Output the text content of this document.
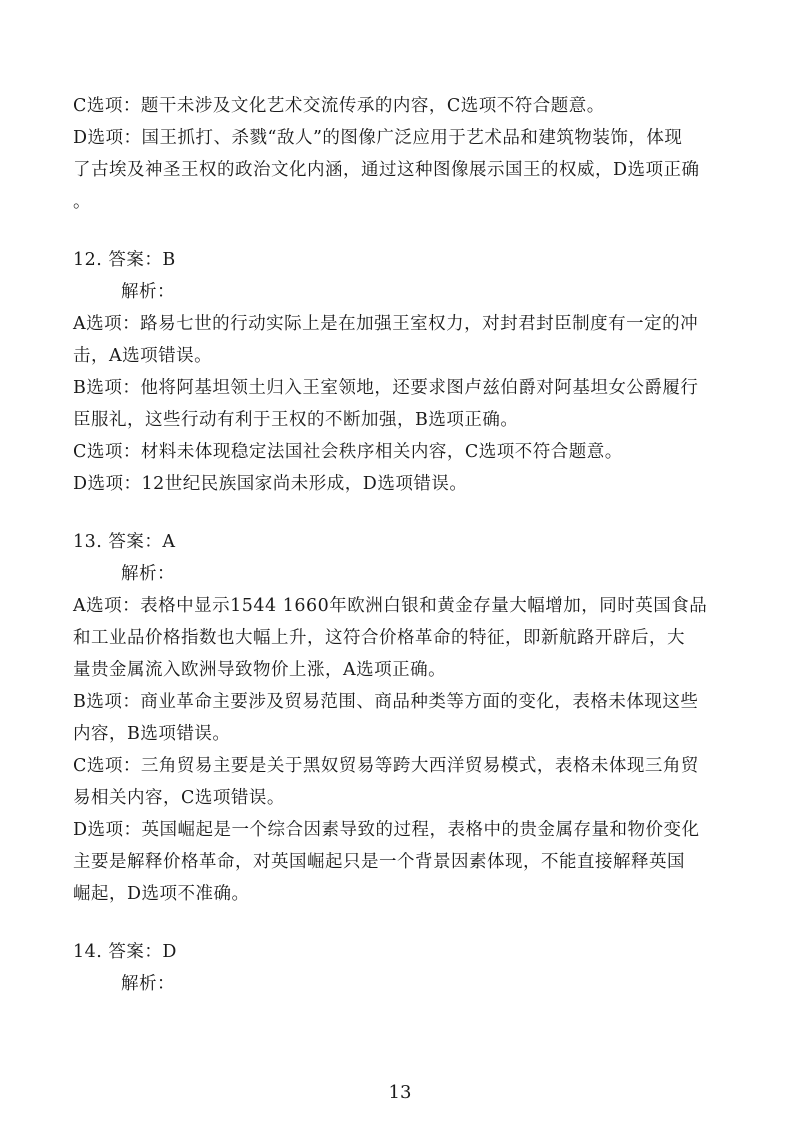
C选项：题干未涉及文化艺术交流传承的内容，C选项不符合题意。
D选项：国王抓打、杀戮“敌人”的图像广泛应用于艺术品和建筑物装饰，体现
了古埃及神圣王权的政治文化内涵，通过这种图像展示国王的权威，D选项正确
。
12. 答案：B
解析：
A选项：路易七世的行动实际上是在加强王室权力，对封君封臣制度有一定的冲
击，A选项错误。
B选项：他将阿基坦领土归入王室领地，还要求图卢兹伯爵对阿基坦女公爵履行
臣服礼，这些行动有利于王权的不断加强，B选项正确。
C选项：材料未体现稳定法国社会秩序相关内容，C选项不符合题意。
D选项：12世纪民族国家尚未形成，D选项错误。
13. 答案：A
解析：
A选项：表格中显示1544 1660年欧洲白银和黄金存量大幅增加，同时英国食品
和工业品价格指数也大幅上升，这符合价格革命的特征，即新航路开辟后，大
量贵金属流入欧洲导致物价上涨，A选项正确。
B选项：商业革命主要涉及贸易范围、商品种类等方面的变化，表格未体现这些
内容，B选项错误。
C选项：三角贸易主要是关于黑奴贸易等跨大西洋贸易模式，表格未体现三角贸
易相关内容，C选项错误。
D选项：英国崛起是一个综合因素导致的过程，表格中的贵金属存量和物价变化
主要是解释价格革命，对英国崛起只是一个背景因素体现，不能直接解释英国
崛起，D选项不准确。
14. 答案：D
解析：
13
